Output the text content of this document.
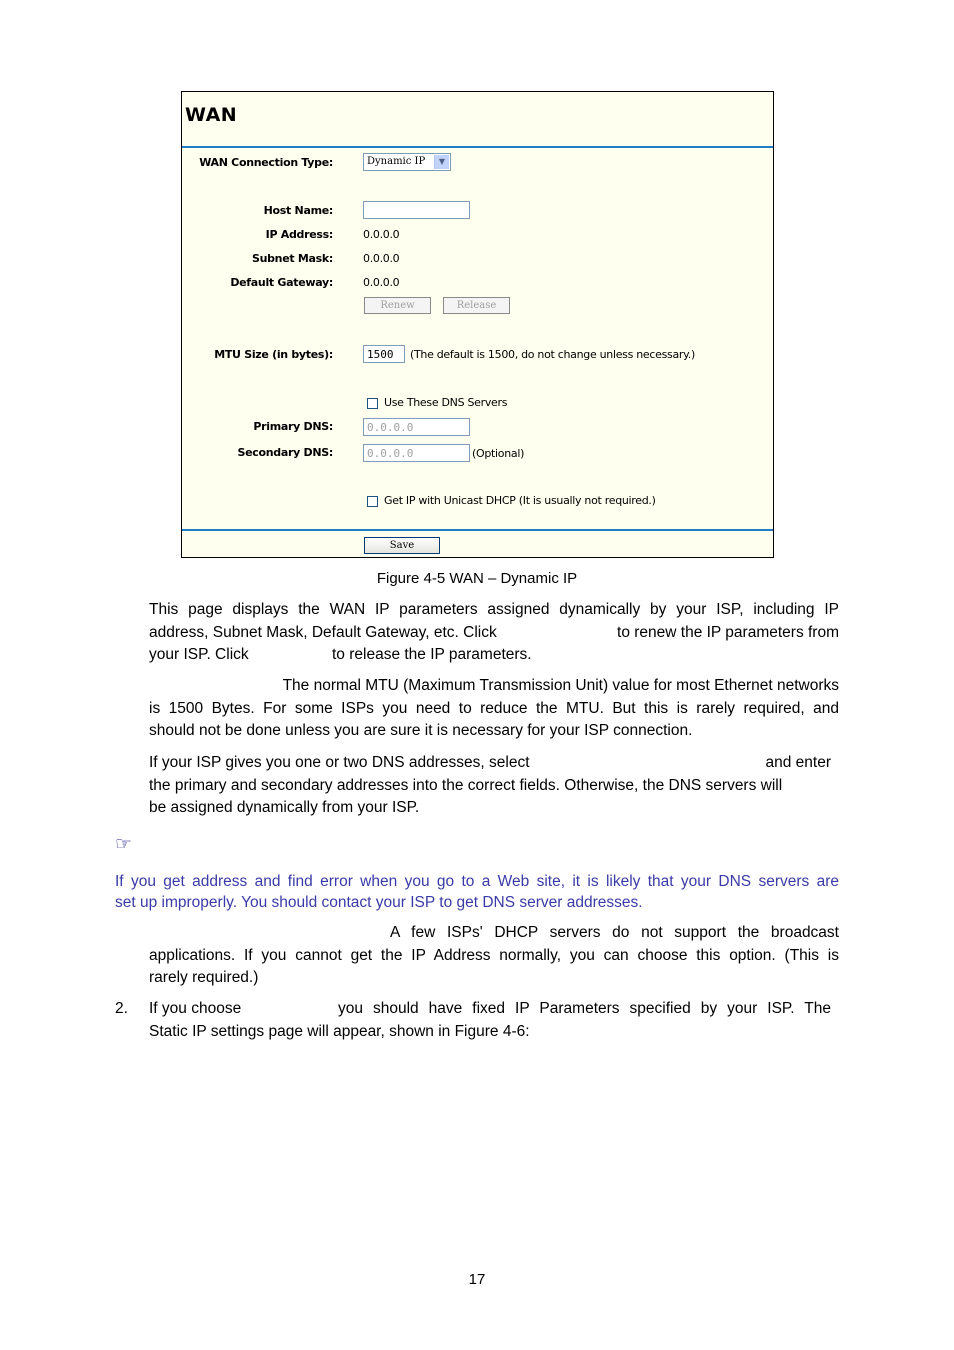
WAN
WAN Connection Type:	Dynamic IP	▼
Host Name:
IP Address:	0.0.0.0
Subnet Mask:	0.0.0.0
Default Gateway:	0.0.0.0
Renew	Release
MTU Size (in bytes):
1500	(The default is 1500, do not change unless necessary.)
Use These DNS Servers
Primary DNS:
0.0.0.0
Secondary DNS:
0.0.0.0	(Optional)
Get IP with Unicast DHCP (It is usually not required.)
Save
Figure 4-5 WAN – Dynamic IP
This page displays the WAN IP parameters assigned dynamically by your ISP, including IP
address, Subnet Mask, Default Gateway, etc. Click	to renew the IP parameters from
your ISP. Click	to release the IP parameters.
The normal MTU (Maximum Transmission Unit) value for most Ethernet networks
is 1500 Bytes. For some ISPs you need to reduce the MTU. But this is rarely required, and
should not be done unless you are sure it is necessary for your ISP connection.
If your ISP gives you one or two DNS addresses, select	and enter
the primary and secondary addresses into the correct fields. Otherwise, the DNS servers will
be assigned dynamically from your ISP.
☞
If you get address and find error when you go to a Web site, it is likely that your DNS servers are
set up improperly. You should contact your ISP to get DNS server addresses.
A few ISPs' DHCP servers do not support the broadcast
applications. If you cannot get the IP Address normally, you can choose this option. (This is
rarely required.)
2.	If you choose	you should have fixed IP Parameters specified by your ISP. The
Static IP settings page will appear, shown in Figure 4-6:
17
